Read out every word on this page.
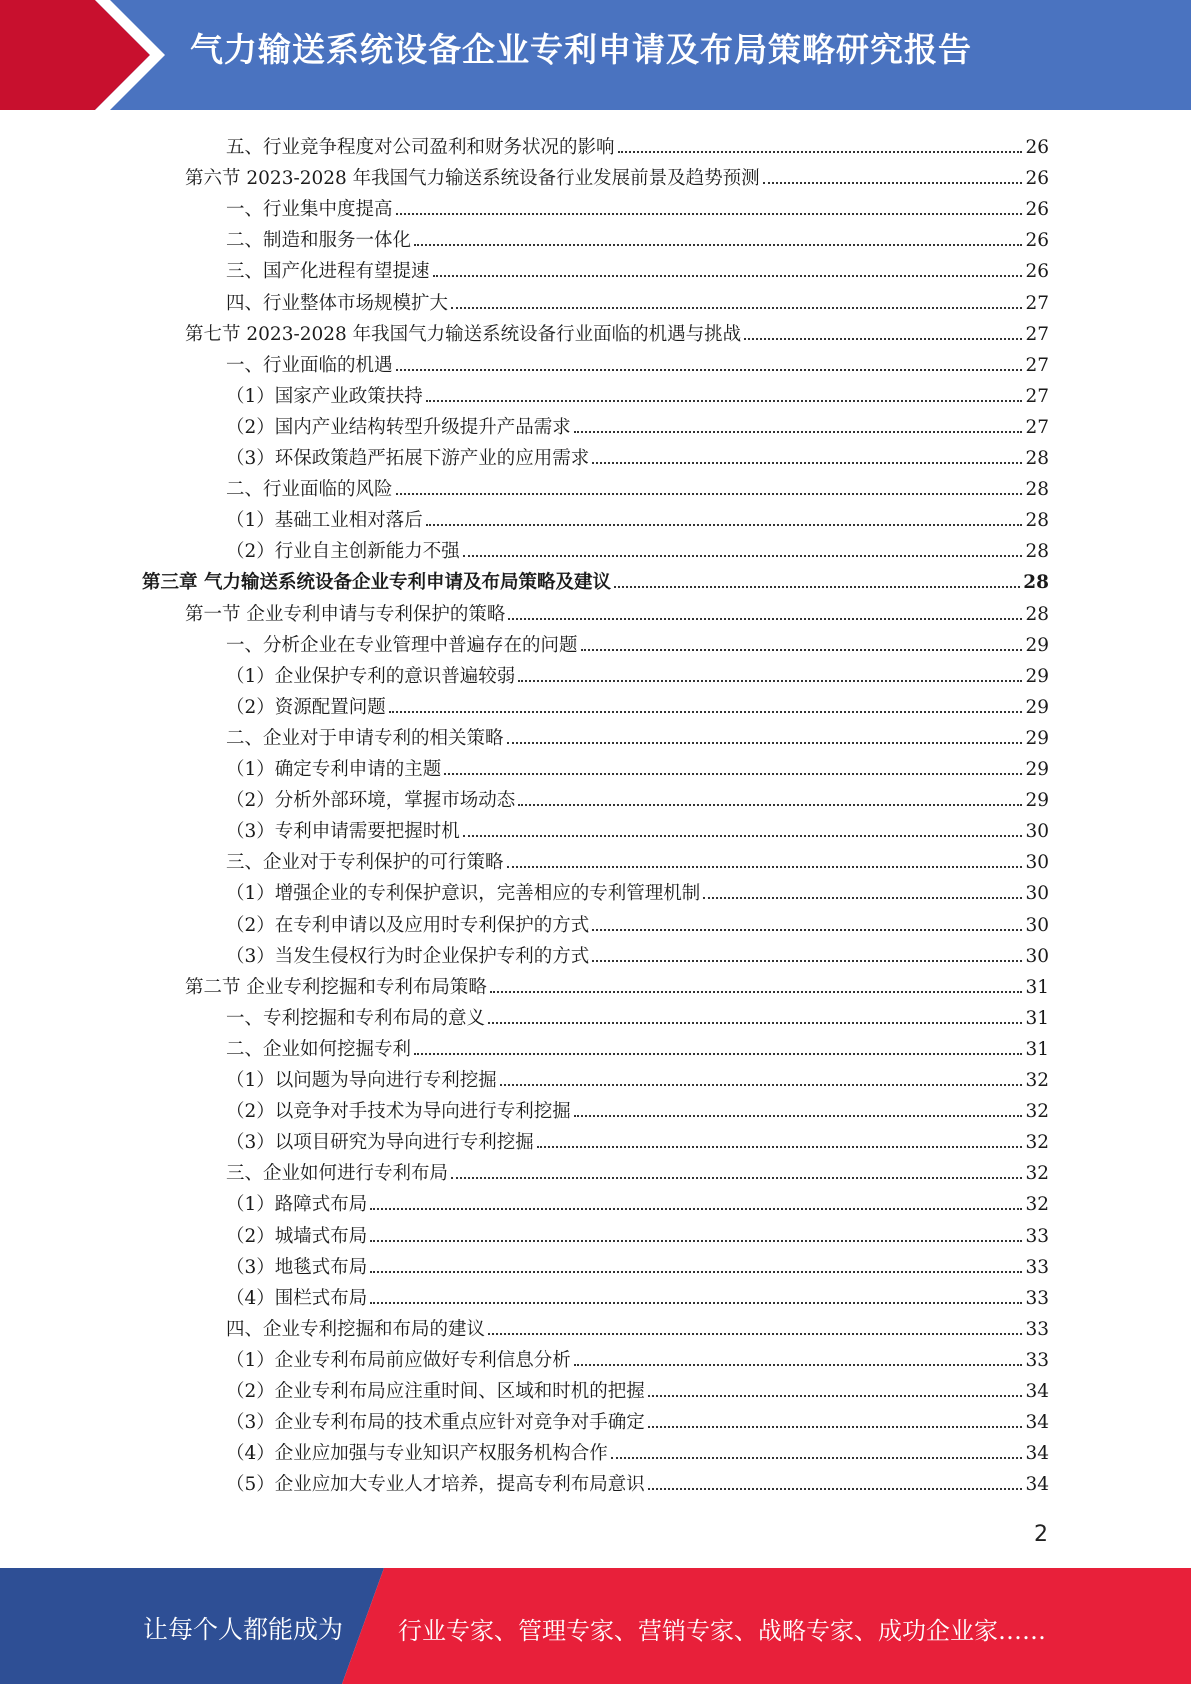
气力输送系统设备企业专利申请及布局策略研究报告
五、行业竞争程度对公司盈利和财务状况的影响	26
第六节 2023-2028 年我国气力输送系统设备行业发展前景及趋势预测	26
一、行业集中度提高	26
二、制造和服务一体化	26
三、国产化进程有望提速	26
四、行业整体市场规模扩大	27
第七节 2023-2028 年我国气力输送系统设备行业面临的机遇与挑战	27
一、行业面临的机遇	27
（1）国家产业政策扶持	27
（2）国内产业结构转型升级提升产品需求	27
（3）环保政策趋严拓展下游产业的应用需求	28
二、行业面临的风险	28
（1）基础工业相对落后	28
（2）行业自主创新能力不强	28
第三章 气力输送系统设备企业专利申请及布局策略及建议	28
第一节 企业专利申请与专利保护的策略	28
一、分析企业在专业管理中普遍存在的问题	29
（1）企业保护专利的意识普遍较弱	29
（2）资源配置问题	29
二、企业对于申请专利的相关策略	29
（1）确定专利申请的主题	29
（2）分析外部环境，掌握市场动态	29
（3）专利申请需要把握时机	30
三、企业对于专利保护的可行策略	30
（1）增强企业的专利保护意识，完善相应的专利管理机制	30
（2）在专利申请以及应用时专利保护的方式	30
（3）当发生侵权行为时企业保护专利的方式	30
第二节 企业专利挖掘和专利布局策略	31
一、专利挖掘和专利布局的意义	31
二、企业如何挖掘专利	31
（1）以问题为导向进行专利挖掘	32
（2）以竞争对手技术为导向进行专利挖掘	32
（3）以项目研究为导向进行专利挖掘	32
三、企业如何进行专利布局	32
（1）路障式布局	32
（2）城墙式布局	33
（3）地毯式布局	33
（4）围栏式布局	33
四、企业专利挖掘和布局的建议	33
（1）企业专利布局前应做好专利信息分析	33
（2）企业专利布局应注重时间、区域和时机的把握	34
（3）企业专利布局的技术重点应针对竞争对手确定	34
（4）企业应加强与专业知识产权服务机构合作	34
（5）企业应加大专业人才培养，提高专利布局意识	34
2
让每个人都能成为 行业专家、管理专家、营销专家、战略专家、成功企业家……
